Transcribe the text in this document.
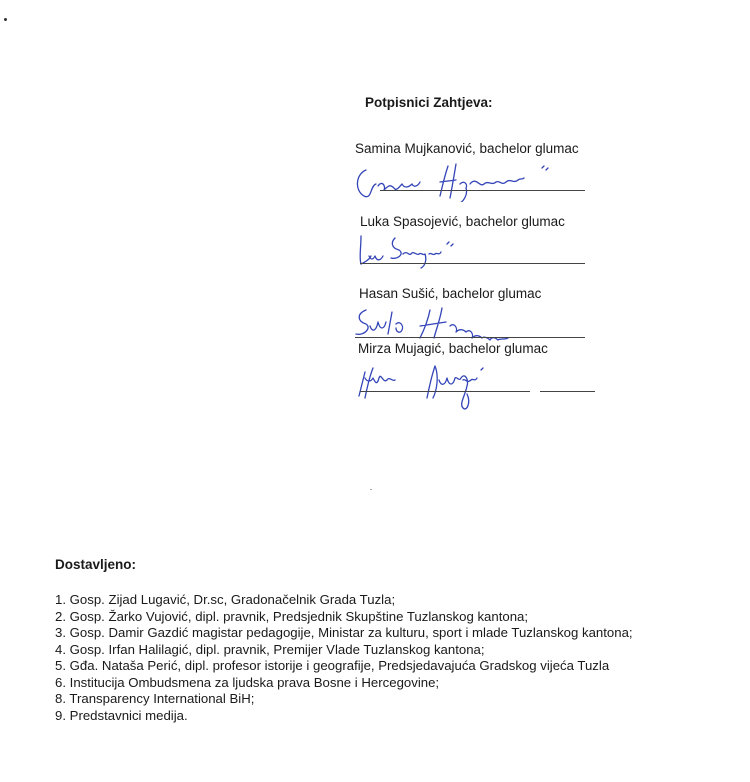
Potpisnici Zahtjeva:
Samina Mujkanović, bachelor glumac
Luka Spasojević, bachelor glumac
Hasan Sušić, bachelor glumac
Mirza Mujagić, bachelor glumac
Dostavljeno:
1. Gosp. Zijad Lugavić, Dr.sc, Gradonačelnik Grada Tuzla;
2. Gosp. Žarko Vujović, dipl. pravnik, Predsjednik Skupštine Tuzlanskog kantona;
3. Gosp. Damir Gazdić magistar pedagogije, Ministar za kulturu, sport i mlade Tuzlanskog kantona;
4. Gosp. Irfan Halilagić, dipl. pravnik, Premijer Vlade Tuzlanskog kantona;
5. Gđa. Nataša Perić, dipl. profesor istorije i geografije, Predsjedavajuća Gradskog vijeća Tuzla
6. Institucija Ombudsmena za ljudska prava Bosne i Hercegovine;
8. Transparency International BiH;
9. Predstavnici medija.
